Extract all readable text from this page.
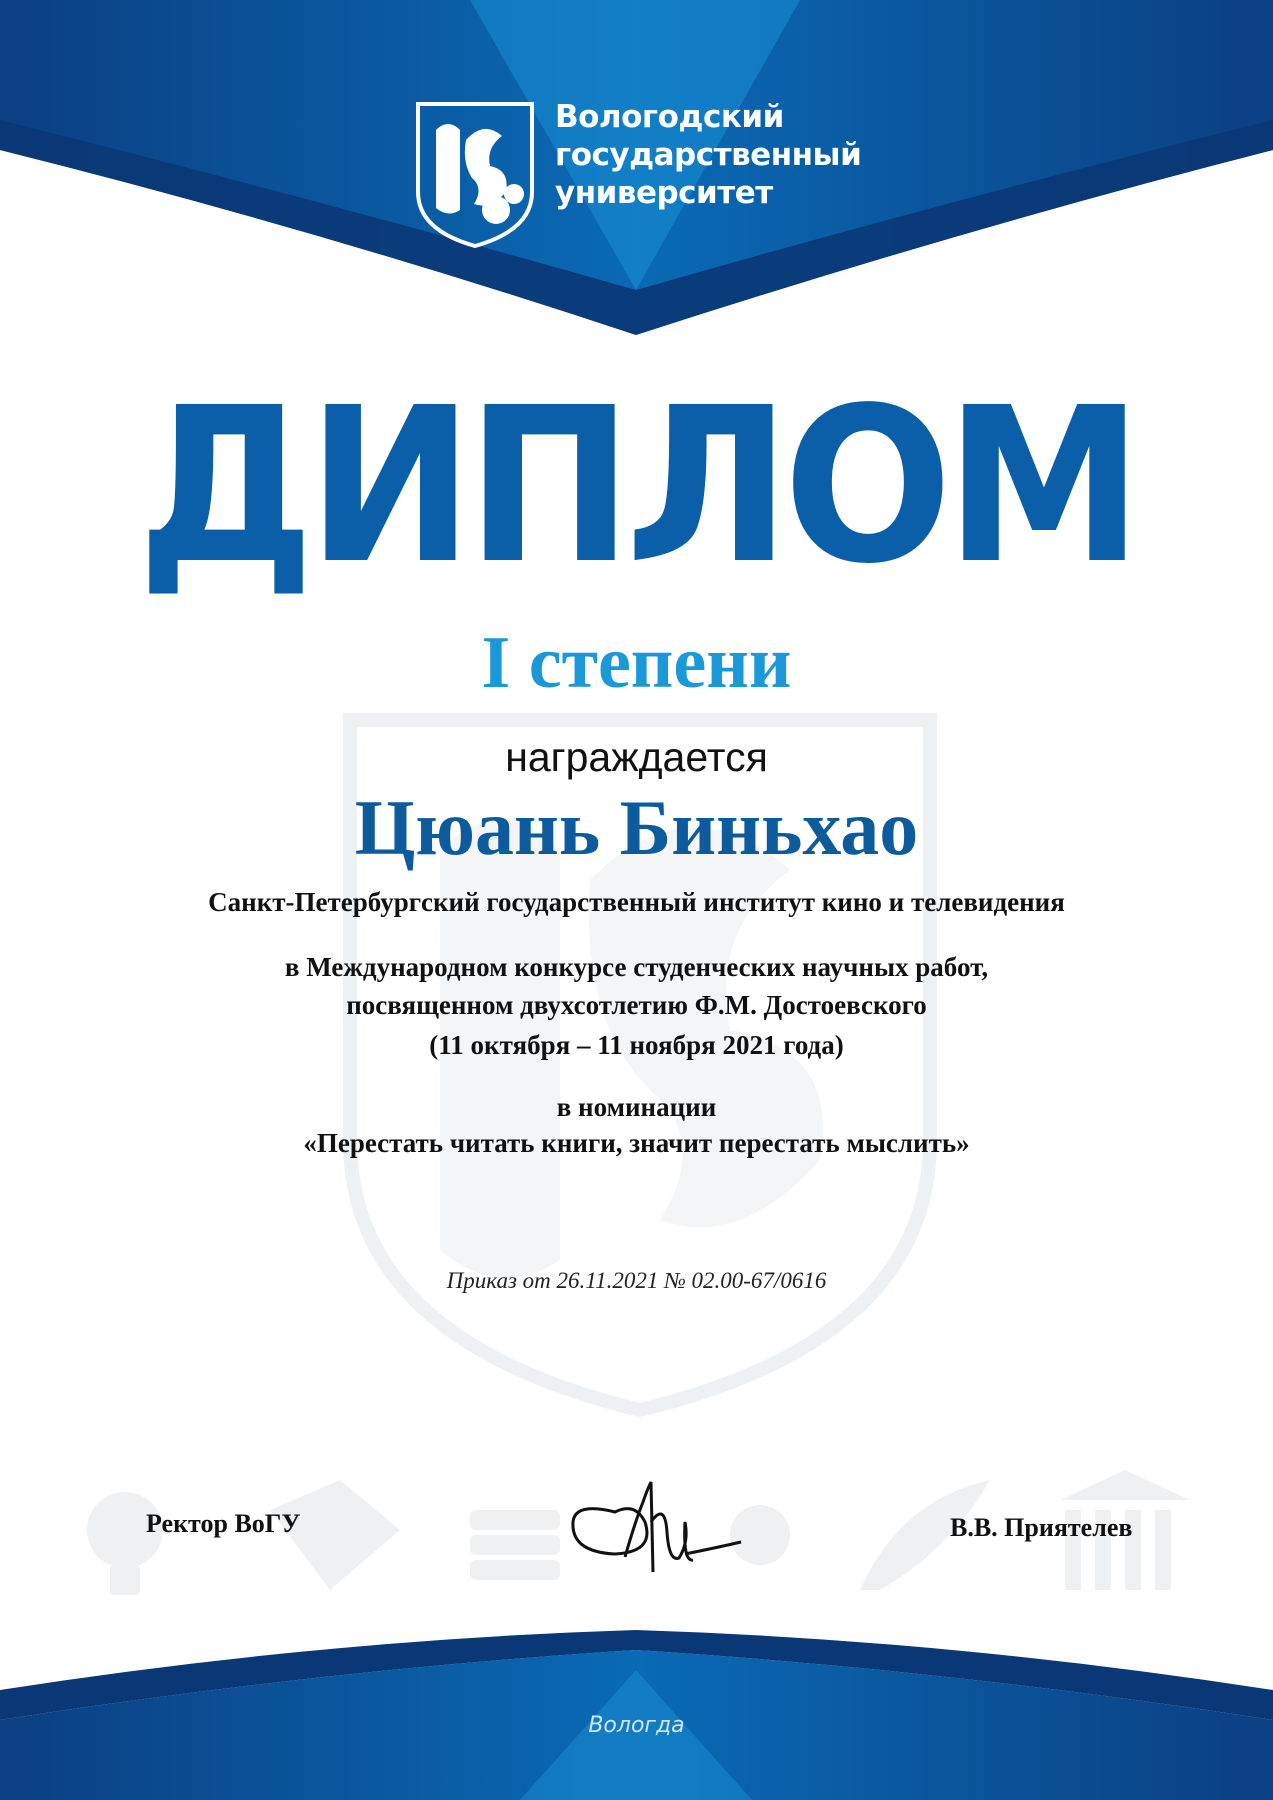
Вологодский
государственный
университет
ДИПЛОМ
I степени
награждается
Цюань Биньхао
Санкт-Петербургский государственный институт кино и телевидения
в Международном конкурсе студенческих научных работ,
посвященном двухсотлетию Ф.М. Достоевского
(11 октября – 11 ноября 2021 года)
в номинации
«Перестать читать книги, значит перестать мыслить»
Приказ от 26.11.2021 № 02.00-67/0616
Ректор ВоГУ	В.В. Приятелев
Вологда
